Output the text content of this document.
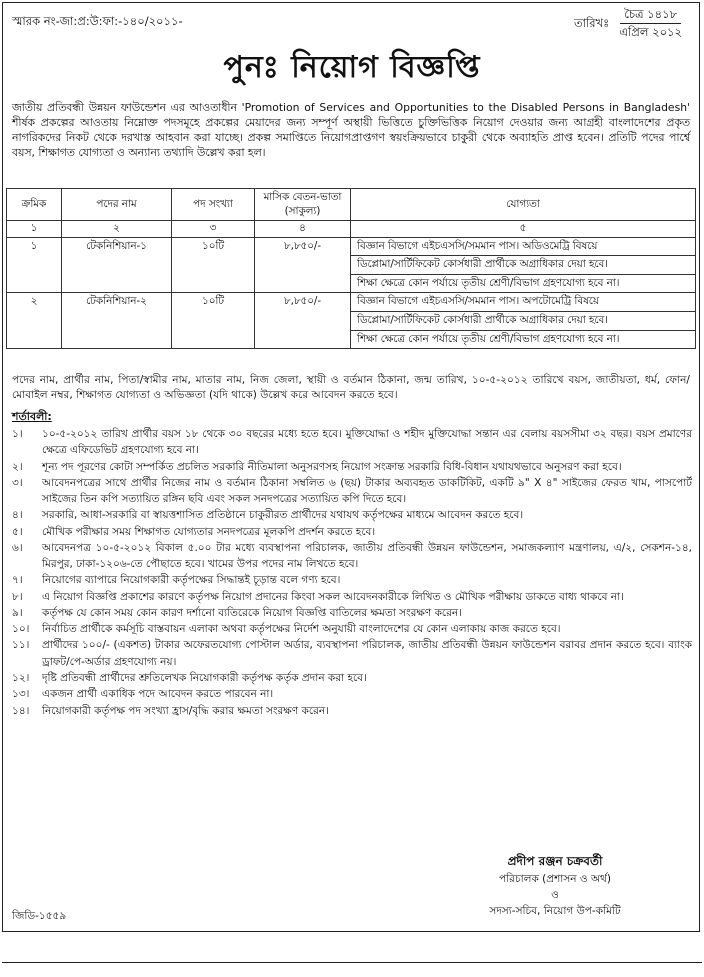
স্মারক নং-জা:প্র:উ:ফা:-১৪০/২০১১-	তারিখঃ $\frac{\text{চৈত্র ১৪১৮}}{\text{এপ্রিল ২০১২}}$
পুনঃ নিয়োগ বিজ্ঞপ্তি
জাতীয় প্রতিবন্ধী উন্নয়ন ফাউন্ডেশন এর আওতাধীন 'Promotion of Services and Opportunities to the Disabled Persons in Bangladesh' শীর্ষক প্রকল্পের আওতায় নিম্নোক্ত পদসমূহে প্রকল্পের মেয়াদের জন্য সম্পূর্ণ অস্থায়ী ভিত্তিতে চুক্তিভিত্তিক নিয়োগ দেওয়ার জন্য আগ্রহী বাংলাদেশের প্রকৃত নাগরিকদের নিকট থেকে দরখাস্ত আহবান করা যাচ্ছে। প্রকল্প সমাপ্তিতে নিয়োগপ্রাপ্তগণ স্বয়ংক্রিয়ভাবে চাকুরী থেকে অব্যাহতি প্রাপ্ত হবেন। প্রতিটি পদের পার্শ্বে বয়স, শিক্ষাগত যোগ্যতা ও অন্যান্য তথ্যাদি উল্লেখ করা হল।
ক্রমিক	পদের নাম	পদ সংখ্যা	মাসিক বেতন-ভাতা (সাকুল্য)	যোগ্যতা
১	২	৩	৪	৫
১	টেকনিশিয়ান-১	১০টি	৮,৮৫০/-	বিজ্ঞান বিভাগে এইচএসসি/সমমান পাস। অডিওমেট্রি বিষয়ে
ডিপ্লোমা/সার্টিফিকেট কোর্সধারী প্রার্থীকে অগ্রাধিকার দেয়া হবে।
শিক্ষা ক্ষেত্রে কোন পর্যায়ে তৃতীয় শ্রেণী/বিভাগ গ্রহণযোগ্য হবে না।

২	টেকনিশিয়ান-২	১০টি	৮,৮৫০/-	বিজ্ঞান বিভাগে এইচএসসি/সমমান পাস। অপটোমেট্রি বিষয়ে
ডিপ্লোমা/সার্টিফিকেট কোর্সধারী প্রার্থীকে অগ্রাধিকার দেয়া হবে।
শিক্ষা ক্ষেত্রে কোন পর্যায়ে তৃতীয় শ্রেণী/বিভাগ গ্রহণযোগ্য হবে না।
পদের নাম, প্রার্থীর নাম, পিতা/স্বামীর নাম, মাতার নাম, নিজ জেলা, স্থায়ী ও বর্তমান ঠিকানা, জন্ম তারিখ, ১০-৫-২০১২ তারিখে বয়স, জাতীয়তা, ধর্ম, ফোন/মোবাইল নম্বর, শিক্ষাগত যোগ্যতা ও অভিজ্ঞতা (যদি থাকে) উল্লেখ করে আবেদন করতে হবে।
শর্তাবলী:
১।	১০-৫-২০১২ তারিখ প্রার্থীর বয়স ১৮ থেকে ৩০ বছরের মধ্যে হতে হবে। মুক্তিযোদ্ধা ও শহীদ মুক্তিযোদ্ধা সন্তান এর বেলায় বয়সসীমা ৩২ বছর। বয়স প্রমাণের ক্ষেত্রে এফিডেভিট গ্রহণযোগ্য হবে না।
২।	শূন্য পদ পূরণের কোটা সম্পর্কিত প্রচলিত সরকারি নীতিমালা অনুসরণসহ নিয়োগ সংক্রান্ত সরকারি বিধি-বিধান যথাযথভাবে অনুসরণ করা হবে।
৩।	আবেদনপত্রের সাথে প্রার্থীর নিজের নাম ও বর্তমান ঠিকানা সম্বলিত ৬ (ছয়) টাকার অব্যবহৃত ডাকটিকিট, একটি ৯" X ৪" সাইজের ফেরত খাম, পাসপোর্ট সাইজের তিন কপি সত্যায়িত রঙ্গিন ছবি এবং সকল সনদপত্রের সত্যায়িত কপি দিতে হবে।
৪।	সরকারি, আধা-সরকারি বা স্বায়ত্তশাসিত প্রতিষ্ঠানে চাকুরীরত প্রার্থীদের যথাযথ কর্তৃপক্ষের মাধ্যমে আবেদন করতে হবে।
৫।	মৌখিক পরীক্ষার সময় শিক্ষাগত যোগ্যতার সনদপত্রের মূলকপি প্রদর্শন করতে হবে।
৬।	আবেদনপত্র ১০-৫-২০১২ বিকাল ৫.০০ টার মধ্যে ব্যবস্থাপনা পরিচালক, জাতীয় প্রতিবন্ধী উন্নয়ন ফাউন্ডেশন, সমাজকল্যাণ মন্ত্রণালয়, এ/২, সেকশন-১৪, মিরপুর, ঢাকা-১২০৬-তে পৌছাতে হবে। খামের উপর পদের নাম লিখতে হবে।
৭।	নিয়োগের ব্যাপারে নিয়োগকারী কর্তৃপক্ষের সিদ্ধান্তই চূড়ান্ত বলে গণ্য হবে।
৮।	এ নিয়োগ বিজ্ঞপ্তি প্রকাশের কারণে কর্তৃপক্ষ নিয়োগ প্রদানের কিংবা সকল আবেদনকারীকে লিখিত ও মৌখিক পরীক্ষায় ডাকতে বাধ্য থাকবে না।
৯।	কর্তৃপক্ষ যে কোন সময় কোন কারণ দর্শানো ব্যতিরেকে নিয়োগ বিজ্ঞপ্তি বাতিলের ক্ষমতা সংরক্ষণ করেন।
১০।	নির্বাচিত প্রার্থীকে কর্মসূচি বাস্তবায়ন এলাকা অথবা কর্তৃপক্ষের নির্দেশ অনুযায়ী বাংলাদেশের যে কোন এলাকায় কাজ করতে হবে।
১১।	প্রার্থীদের ১০০/- (একশত) টাকার অফেরতযোগ্য পোস্টাল অর্ডার, ব্যবস্থাপনা পরিচালক, জাতীয় প্রতিবন্ধী উন্নয়ন ফাউন্ডেশন বরাবর প্রদান করতে হবে। ব্যাংক ড্রাফট/পে-অর্ডার গ্রহণযোগ্য নয়।
১২।	দৃষ্টি প্রতিবন্ধী প্রার্থীদের শ্রুতিলেখক নিয়োগকারী কর্তৃপক্ষ কর্তৃক প্রদান করা হবে।
১৩।	একজন প্রার্থী একাধিক পদে আবেদন করতে পারবেন না।
১৪।	নিয়োগকারী কর্তৃপক্ষ পদ সংখ্যা হ্রাস/বৃদ্ধি করার ক্ষমতা সংরক্ষণ করেন।
প্রদীপ রঞ্জন চক্রবর্তী
পরিচালক (প্রশাসন ও অর্থ)
ও
সদস্য-সচিব, নিয়োগ উপ-কমিটি
জিডি-১৫৫৯
